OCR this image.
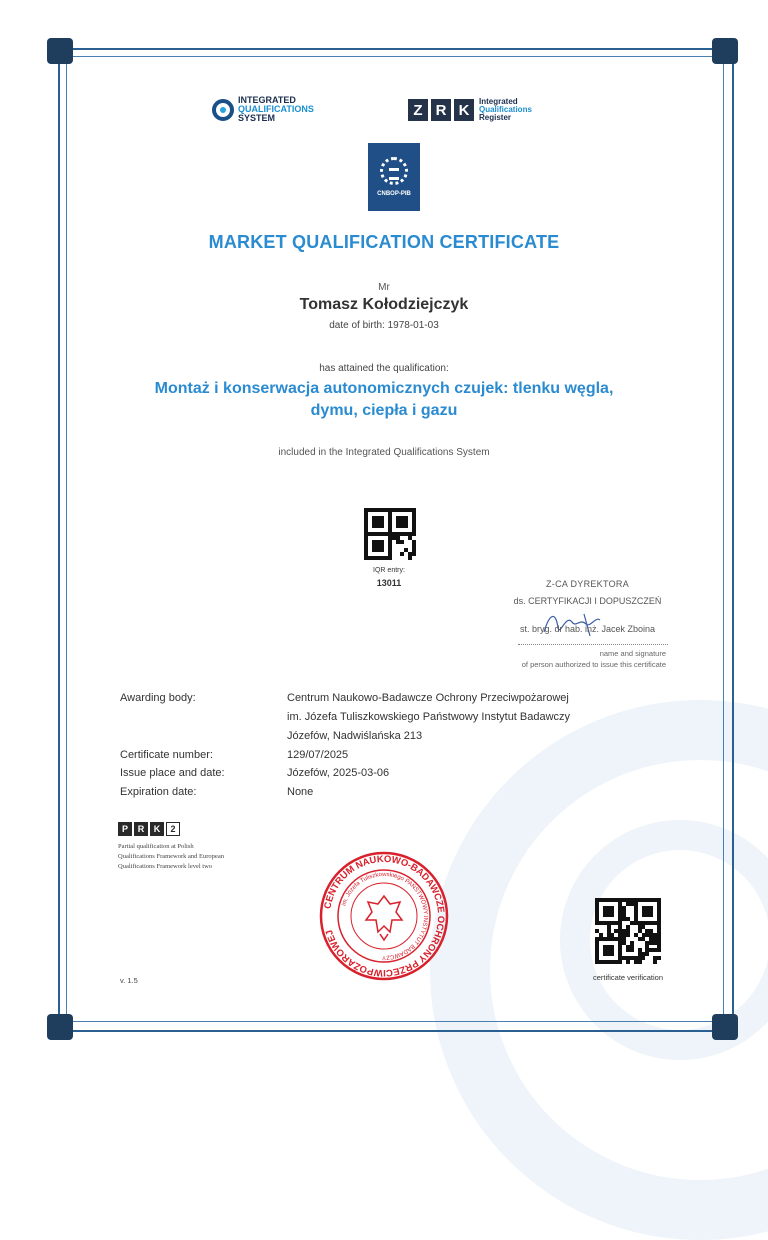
INTEGRATED
QUALIFICATIONS
SYSTEM	Z R K	Integrated
Qualifications
Register
CNBOP-PIB
MARKET QUALIFICATION CERTIFICATE
Mr
Tomasz Kołodziejczyk
date of birth: 1978-01-03
has attained the qualification:
Montaż i konserwacja autonomicznych czujek: tlenku węgla,
dymu, ciepła i gazu
included in the Integrated Qualifications System
IQR entry:
13011	Z-CA DYREKTORA
ds. CERTYFIKACJI I DOPUSZCZEŃ
st. bryg. dr hab. inż. Jacek Zboina
name and signature
of person authorized to issue this certificate
Awarding body:	Centrum Naukowo-Badawcze Ochrony Przeciwpożarowej
im. Józefa Tuliszkowskiego Państwowy Instytut Badawczy
Józefów, Nadwiślańska 213
Certificate number:	129/07/2025
Issue place and date:	Józefów, 2025-03-06
Expiration date:	None
P	R	K	2
Partial qualification at Polish
Qualifications Framework and European
Qualifications Framework level two
CENTRUM NAUKOWO-BADAWCZE OCHRONY PRZECIWPOŻAROWEJ
im. Józefa Tuliszkowskiego PAŃSTWOWY INSTYTUT BADAWCZY
certificate verification
v. 1.5
